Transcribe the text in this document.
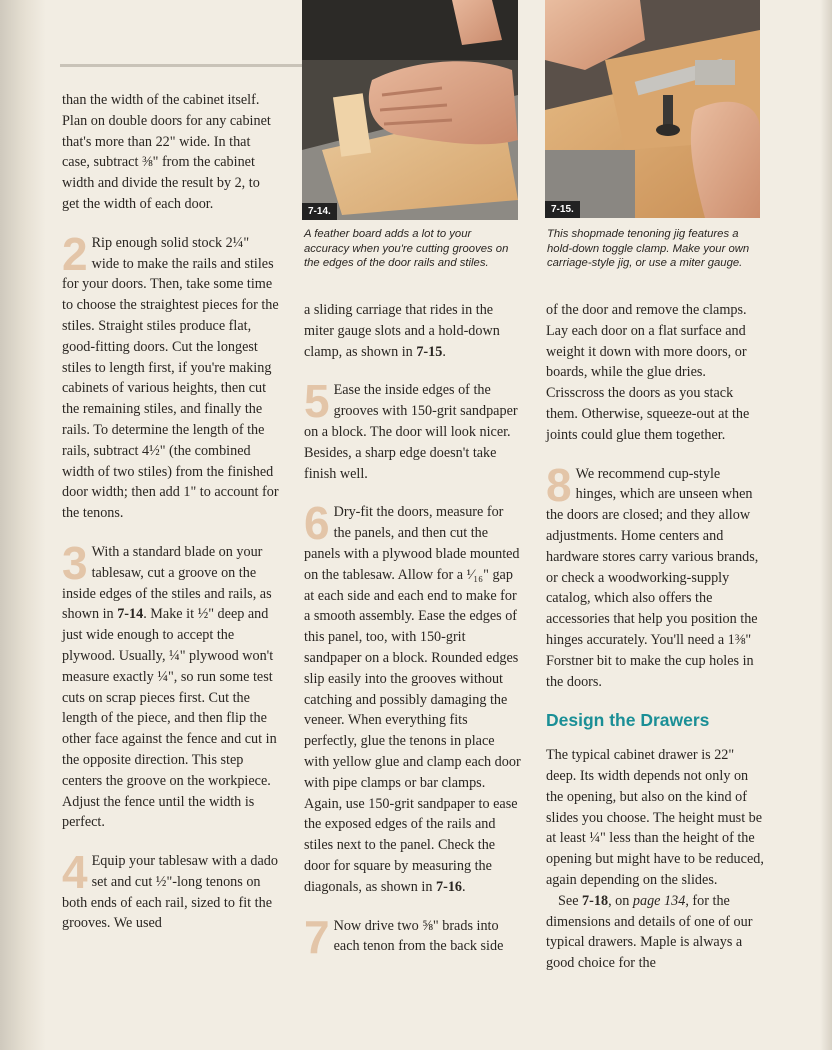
7-14.
A feather board adds a lot to your accuracy when you're cutting grooves on the edges of the door rails and stiles.
7-15.
This shopmade tenoning jig features a hold-down toggle clamp. Make your own carriage-style jig, or use a miter gauge.

than the width of the cabinet itself. Plan on double doors for any cabinet that's more than 22" wide. In that case, subtract ⅜" from the cabinet width and divide the result by 2, to get the width of each door.

2 Rip enough solid stock 2¼" wide to make the rails and stiles for your doors. Then, take some time to choose the straightest pieces for the stiles. Straight stiles produce flat, good-fitting doors. Cut the longest stiles to length first, if you're making cabinets of various heights, then cut the remaining stiles, and finally the rails. To determine the length of the rails, subtract 4½" (the combined width of two stiles) from the finished door width; then add 1" to account for the tenons.

3 With a standard blade on your tablesaw, cut a groove on the inside edges of the stiles and rails, as shown in 7-14. Make it ½" deep and just wide enough to accept the plywood. Usually, ¼" plywood won't measure exactly ¼", so run some test cuts on scrap pieces first. Cut the length of the piece, and then flip the other face against the fence and cut in the opposite direction. This step centers the groove on the workpiece. Adjust the fence until the width is perfect.

4 Equip your tablesaw with a dado set and cut ½"-long tenons on both ends of each rail, sized to fit the grooves. We used

a sliding carriage that rides in the miter gauge slots and a hold-down clamp, as shown in 7-15.

5 Ease the inside edges of the grooves with 150-grit sandpaper on a block. The door will look nicer. Besides, a sharp edge doesn't take finish well.

6 Dry-fit the doors, measure for the panels, and then cut the panels with a plywood blade mounted on the tablesaw. Allow for a ¹⁄₁₆" gap at each side and each end to make for a smooth assembly. Ease the edges of this panel, too, with 150-grit sandpaper on a block. Rounded edges slip easily into the grooves without catching and possibly damaging the veneer. When everything fits perfectly, glue the tenons in place with yellow glue and clamp each door with pipe clamps or bar clamps. Again, use 150-grit sandpaper to ease the exposed edges of the rails and stiles next to the panel. Check the door for square by measuring the diagonals, as shown in 7-16.

7 Now drive two ⅝" brads into each tenon from the back side

of the door and remove the clamps. Lay each door on a flat surface and weight it down with more doors, or boards, while the glue dries. Crisscross the doors as you stack them. Otherwise, squeeze-out at the joints could glue them together.

8 We recommend cup-style hinges, which are unseen when the doors are closed; and they allow adjustments. Home centers and hardware stores carry various brands, or check a woodworking-supply catalog, which also offers the accessories that help you position the hinges accurately. You'll need a 1⅜" Forstner bit to make the cup holes in the doors.

Design the Drawers

The typical cabinet drawer is 22" deep. Its width depends not only on the opening, but also on the kind of slides you choose. The height must be at least ¼" less than the height of the opening but might have to be reduced, again depending on the slides.

See 7-18, on page 134, for the dimensions and details of one of our typical drawers. Maple is always a good choice for the
